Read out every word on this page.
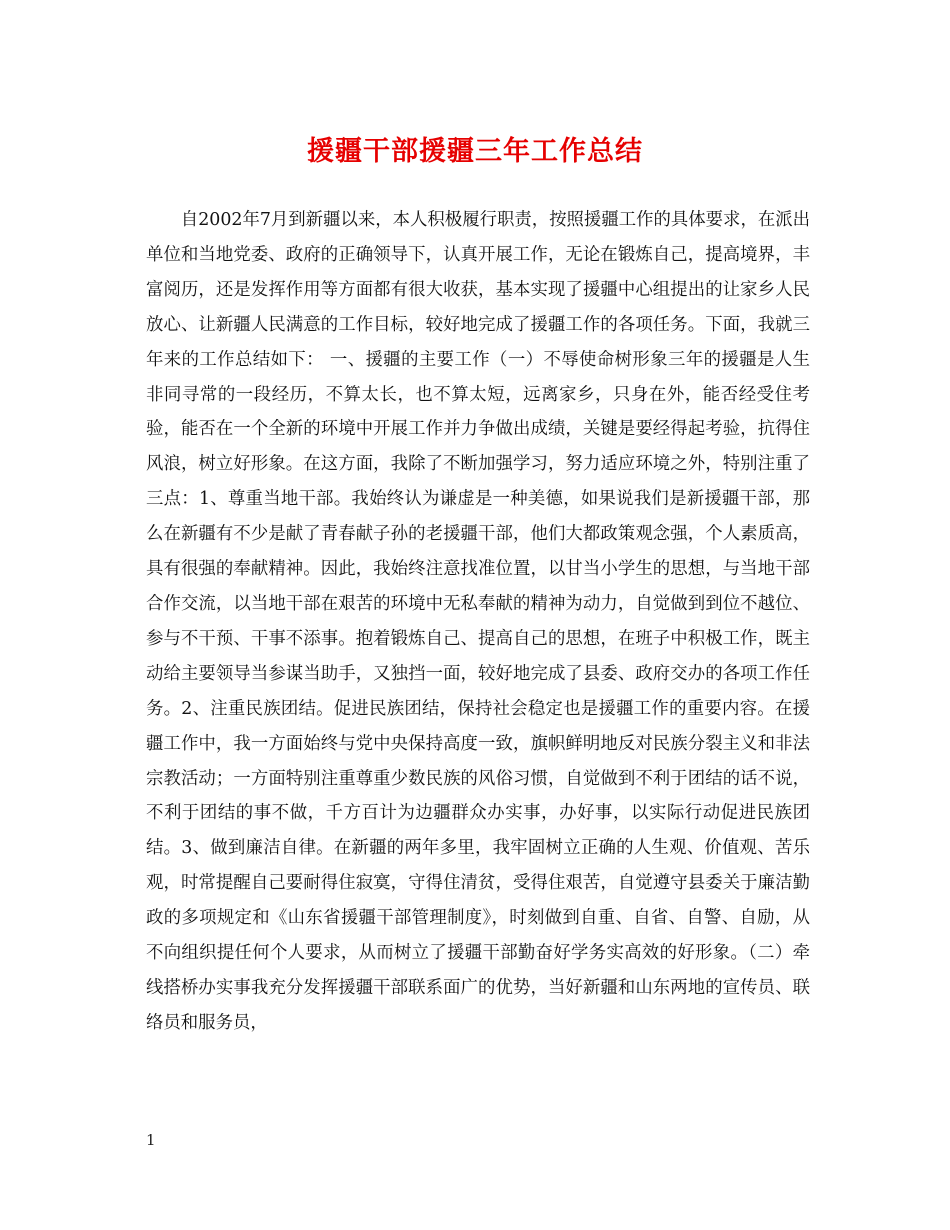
援疆干部援疆三年工作总结

自2002年7月到新疆以来，本人积极履行职责，按照援疆工作的具体要求，在派出单位和当地党委、政府的正确领导下，认真开展工作，无论在锻炼自己，提高境界，丰富阅历，还是发挥作用等方面都有很大收获，基本实现了援疆中心组提出的让家乡人民放心、让新疆人民满意的工作目标，较好地完成了援疆工作的各项任务。下面，我就三年来的工作总结如下： 一、援疆的主要工作（一）不辱使命树形象三年的援疆是人生非同寻常的一段经历，不算太长，也不算太短，远离家乡，只身在外，能否经受住考验，能否在一个全新的环境中开展工作并力争做出成绩，关键是要经得起考验，抗得住风浪，树立好形象。在这方面，我除了不断加强学习，努力适应环境之外，特别注重了三点：1、尊重当地干部。我始终认为谦虚是一种美德，如果说我们是新援疆干部，那么在新疆有不少是献了青春献子孙的老援疆干部，他们大都政策观念强，个人素质高，具有很强的奉献精神。因此，我始终注意找准位置，以甘当小学生的思想，与当地干部合作交流，以当地干部在艰苦的环境中无私奉献的精神为动力，自觉做到到位不越位、参与不干预、干事不添事。抱着锻炼自己、提高自己的思想，在班子中积极工作，既主动给主要领导当参谋当助手，又独挡一面，较好地完成了县委、政府交办的各项工作任务。2、注重民族团结。促进民族团结，保持社会稳定也是援疆工作的重要内容。在援疆工作中，我一方面始终与党中央保持高度一致，旗帜鲜明地反对民族分裂主义和非法宗教活动；一方面特别注重尊重少数民族的风俗习惯，自觉做到不利于团结的话不说，不利于团结的事不做，千方百计为边疆群众办实事，办好事，以实际行动促进民族团结。3、做到廉洁自律。在新疆的两年多里，我牢固树立正确的人生观、价值观、苦乐观，时常提醒自己要耐得住寂寞，守得住清贫，受得住艰苦，自觉遵守县委关于廉洁勤政的多项规定和《山东省援疆干部管理制度》，时刻做到自重、自省、自警、自励，从不向组织提任何个人要求，从而树立了援疆干部勤奋好学务实高效的好形象。（二）牵线搭桥办实事我充分发挥援疆干部联系面广的优势，当好新疆和山东两地的宣传员、联络员和服务员，

1
